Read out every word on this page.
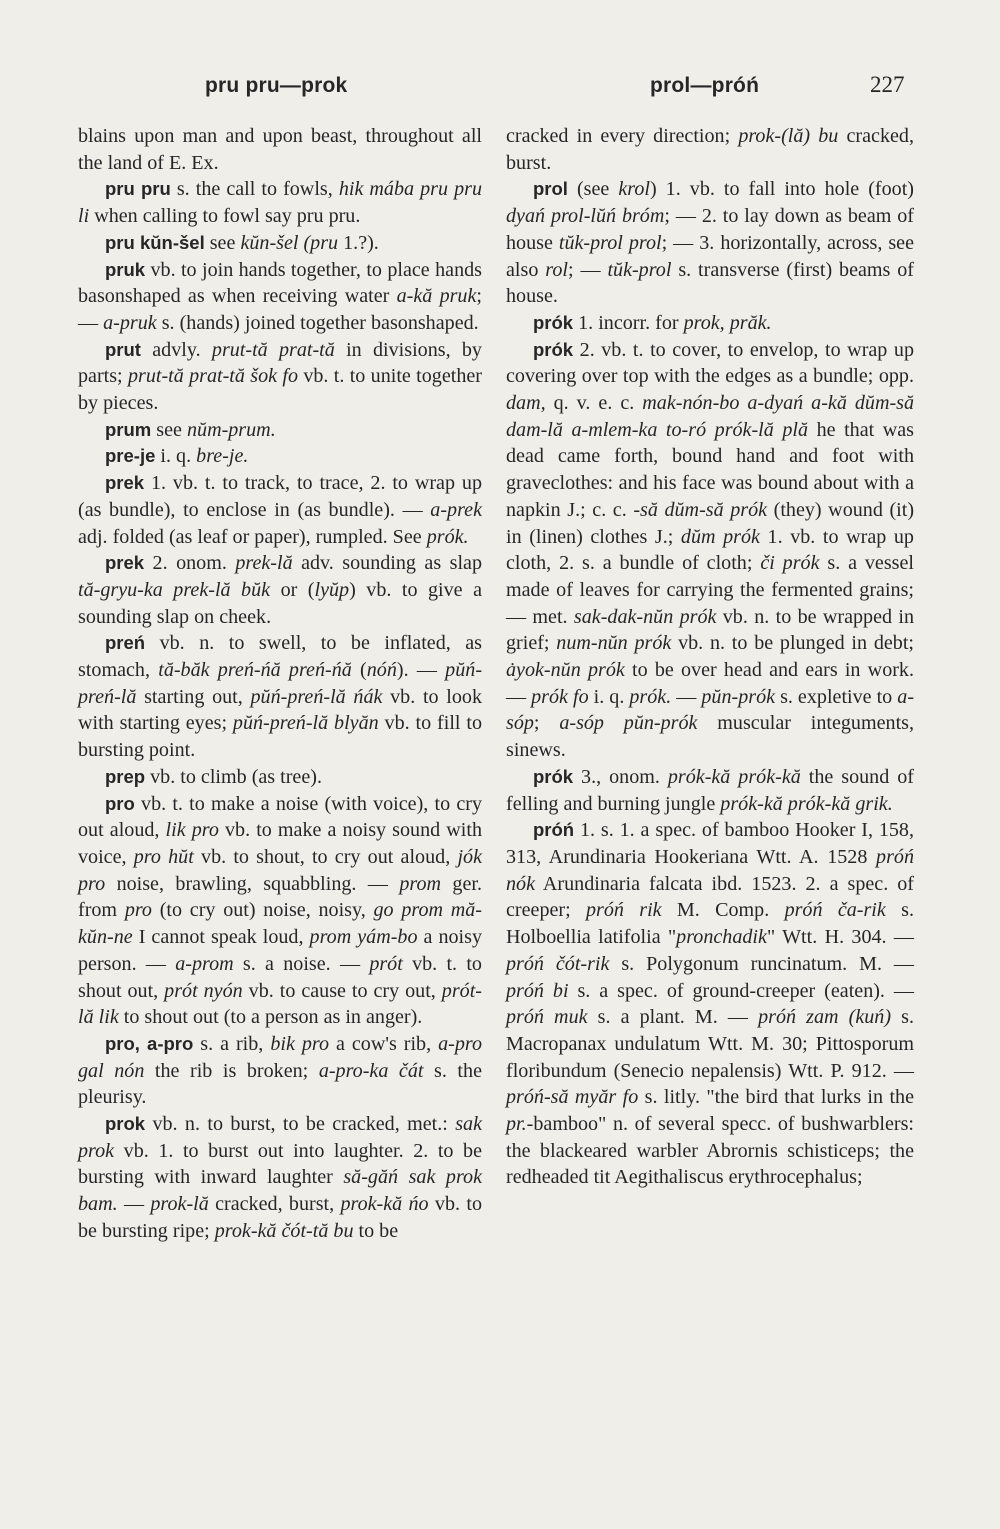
pru pru—prok	prol—próń	227

blains upon man and upon beast, throughout all the land of E. Ex.

pru pru s. the call to fowls, hik mába pru pru li when calling to fowl say pru pru.

pru kŭn-šel see kŭn-šel (pru 1.?).

pruk vb. to join hands together, to place hands basonshaped as when receiving water a-kă pruk; — a-pruk s. (hands) joined together basonshaped.

prut advly. prut-tă prat-tă in divisions, by parts; prut-tă prat-tă šok fo vb. t. to unite together by pieces.

prum see nŭm-prum.

pre-je i. q. bre-je.

prek 1. vb. t. to track, to trace, 2. to wrap up (as bundle), to enclose in (as bundle). — a-prek adj. folded (as leaf or paper), rumpled. See prók.

prek 2. onom. prek-lă adv. sounding as slap tă-gryu-ka prek-lă bŭk or (lyŭp) vb. to give a sounding slap on cheek.

preń vb. n. to swell, to be inflated, as stomach, tă-băk preń-ńă preń-ńă (nóń). — pŭń-preń-lă starting out, pŭń-preń-lă ńák vb. to look with starting eyes; pŭń-preń-lă blyăn vb. to fill to bursting point.

prep vb. to climb (as tree).

pro vb. t. to make a noise (with voice), to cry out aloud, lik pro vb. to make a noisy sound with voice, pro hŭt vb. to shout, to cry out aloud, jók pro noise, brawling, squabbling. — prom ger. from pro (to cry out) noise, noisy, go prom mă-kŭn-ne I cannot speak loud, prom yám-bo a noisy person. — a-prom s. a noise. — prót vb. t. to shout out, prót nyón vb. to cause to cry out, prót-lă lik to shout out (to a person as in anger).

pro, a-pro s. a rib, bik pro a cow's rib, a-pro gal nón the rib is broken; a-pro-ka čát s. the pleurisy.

prok vb. n. to burst, to be cracked, met.: sak prok vb. 1. to burst out into laughter. 2. to be bursting with inward laughter să-găń sak prok bam. — prok-lă cracked, burst, prok-kă ńo vb. to be bursting ripe; prok-kă čót-tă bu to be

cracked in every direction; prok-(lă) bu cracked, burst.

prol (see krol) 1. vb. to fall into hole (foot) dyań prol-lŭń bróm; — 2. to lay down as beam of house tŭk-prol prol; — 3. horizontally, across, see also rol; — tŭk-prol s. transverse (first) beams of house.

prók 1. incorr. for prok, prăk.

prók 2. vb. t. to cover, to envelop, to wrap up covering over top with the edges as a bundle; opp. dam, q. v. e. c. mak-nón-bo a-dyań a-kă dŭm-să dam-lă a-mlem-ka to-ró prók-lă plă he that was dead came forth, bound hand and foot with graveclothes: and his face was bound about with a napkin J.; c. c. -să dŭm-să prók (they) wound (it) in (linen) clothes J.; dŭm prók 1. vb. to wrap up cloth, 2. s. a bundle of cloth; či prók s. a vessel made of leaves for carrying the fermented grains; — met. sak-dak-nŭn prók vb. n. to be wrapped in grief; num-nŭn prók vb. n. to be plunged in debt; ȧyok-nŭn prók to be over head and ears in work. — prók fo i. q. prók. — pŭn-prók s. expletive to a-sóp; a-sóp pŭn-prók muscular integuments, sinews.

prók 3., onom. prók-kă prók-kă the sound of felling and burning jungle prók-kă prók-kă grik.

próń 1. s. 1. a spec. of bamboo Hooker I, 158, 313, Arundinaria Hookeriana Wtt. A. 1528 próń nók Arundinaria falcata ibd. 1523. 2. a spec. of creeper; próń rik M. Comp. próń ča-rik s. Holboellia latifolia "pronchadik" Wtt. H. 304. — próń čót-rik s. Polygonum runcinatum. M. — próń bi s. a spec. of ground-creeper (eaten). — próń muk s. a plant. M. — próń zam (kuń) s. Macropanax undulatum Wtt. M. 30; Pittosporum floribundum (Senecio nepalensis) Wtt. P. 912. — próń-să myăr fo s. litly. "the bird that lurks in the pr.-bamboo" n. of several specc. of bushwarblers: the blackeared warbler Abrornis schisticeps; the redheaded tit Aegithaliscus erythrocephalus;
